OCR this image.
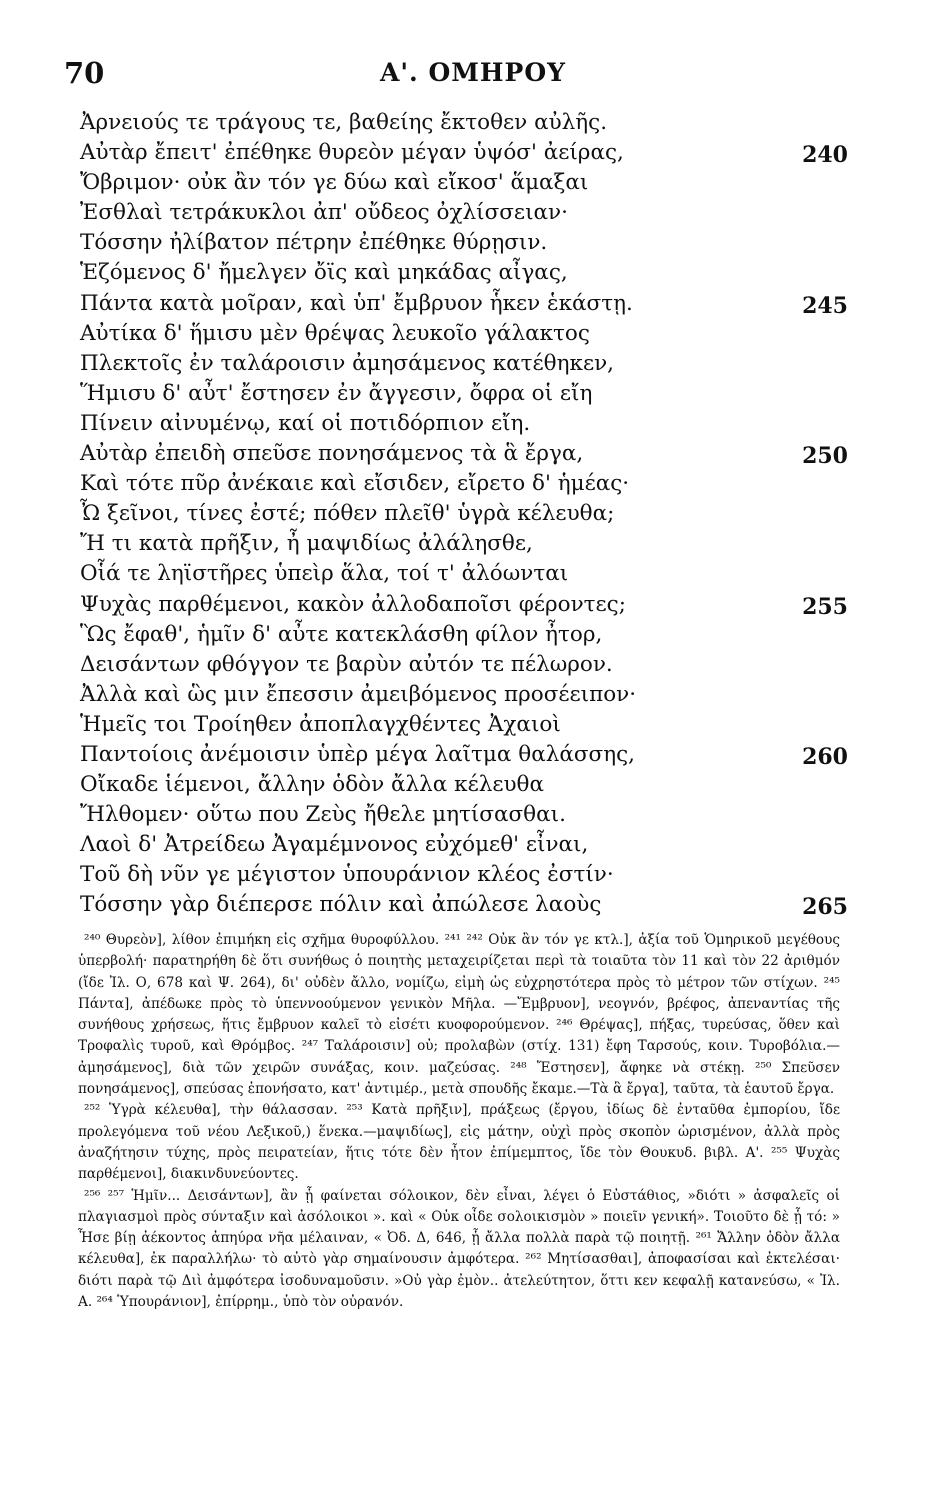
70	Α'. ΟΜΗΡΟΥ
Ἀρνειούς τε τράγους τε, βαθείης ἔκτοθεν αὐλῆς.
Αὐτὰρ ἔπειτ' ἐπέθηκε θυρεὸν μέγαν ὑψόσ' ἀείρας,	240
Ὄβριμον· οὐκ ἂν τόν γε δύω καὶ εἴκοσ' ἅμαξαι
Ἐσθλαὶ τετράκυκλοι ἀπ' οὔδεος ὀχλίσσειαν·
Τόσσην ἠλίβατον πέτρην ἐπέθηκε θύρῃσιν.
Ἑζόμενος δ' ἤμελγεν ὄϊς καὶ μηκάδας αἶγας,
Πάντα κατὰ μοῖραν, καὶ ὑπ' ἔμβρυον ἧκεν ἑκάστῃ.	245
Αὐτίκα δ' ἥμισυ μὲν θρέψας λευκοῖο γάλακτος
Πλεκτοῖς ἐν ταλάροισιν ἀμησάμενος κατέθηκεν,
Ἥμισυ δ' αὖτ' ἔστησεν ἐν ἄγγεσιν, ὄφρα οἱ εἴη
Πίνειν αἰνυμένῳ, καί οἱ ποτιδόρπιον εἴη.
Αὐτὰρ ἐπειδὴ σπεῦσε πονησάμενος τὰ ἃ ἔργα,	250
Καὶ τότε πῦρ ἀνέκαιε καὶ εἴσιδεν, εἴρετο δ' ἡμέας·
Ὦ ξεῖνοι, τίνες ἐστέ; πόθεν πλεῖθ' ὑγρὰ κέλευθα;
Ἤ τι κατὰ πρῆξιν, ἦ μαψιδίως ἀλάλησθε,
Οἷά τε ληϊστῆρες ὑπεὶρ ἅλα, τοί τ' ἀλόωνται
Ψυχὰς παρθέμενοι, κακὸν ἀλλοδαποῖσι φέροντες;	255
Ὣς ἔφαθ', ἡμῖν δ' αὖτε κατεκλάσθη φίλον ἦτορ,
Δεισάντων φθόγγον τε βαρὺν αὐτόν τε πέλωρον.
Ἀλλὰ καὶ ὣς μιν ἔπεσσιν ἀμειβόμενος προσέειπον·
Ἡμεῖς τοι Τροίηθεν ἀποπλαγχθέντες Ἀχαιοὶ
Παντοίοις ἀνέμοισιν ὑπὲρ μέγα λαῖτμα θαλάσσης,	260
Οἴκαδε ἱέμενοι, ἄλλην ὁδὸν ἄλλα κέλευθα
Ἤλθομεν· οὕτω που Ζεὺς ἤθελε μητίσασθαι.
Λαοὶ δ' Ἀτρείδεω Ἀγαμέμνονος εὐχόμεθ' εἶναι,
Τοῦ δὴ νῦν γε μέγιστον ὑπουράνιον κλέος ἐστίν·
Τόσσην γὰρ διέπερσε πόλιν καὶ ἀπώλεσε λαοὺς	265

²⁴⁰ Θυρεὸν], λίθον ἐπιμήκη εἰς σχῆμα θυροφύλλου. ²⁴¹ ²⁴² Οὐκ ἂν τόν γε κτλ.], ἀξία τοῦ Ὁμηρικοῦ μεγέθους ὑπερβολή· παρατηρήθη δὲ ὅτι συνήθως ὁ ποιητὴς μεταχειρίζεται περὶ τὰ τοιαῦτα τὸν 11 καὶ τὸν 22 ἀριθμόν (ἴδε Ἰλ. Ο, 678 καὶ Ψ. 264), δι' οὐδὲν ἄλλο, νομίζω, εἰμὴ ὡς εὐχρηστότερα πρὸς τὸ μέτρον τῶν στίχων. ²⁴⁵ Πάντα], ἀπέδωκε πρὸς τὸ ὑπεννοούμενον γενικὸν Μῆλα. —Ἔμβρυον], νεογνόν, βρέφος, ἀπεναντίας τῆς συνήθους χρήσεως, ἥτις ἔμβρυον καλεῖ τὸ εἰσέτι κυοφορούμενον. ²⁴⁶ Θρέψας], πήξας, τυρεύσας, ὅθεν καὶ Τροφαλὶς τυροῦ, καὶ Θρόμβος. ²⁴⁷ Ταλάροισιν] οὐ; προλαβὼν (στίχ. 131) ἔφη Ταρσούς, κοιν. Τυροβόλια.—ἀμησάμενος], διὰ τῶν χειρῶν συνάξας, κοιν. μαζεύσας. ²⁴⁸ Ἔστησεν], ἄφηκε νὰ στέκῃ. ²⁵⁰ Σπεῦσεν πονησάμενος], σπεύσας ἐπονήσατο, κατ' ἀντιμέρ., μετὰ σπουδῆς ἔκαμε.—Τὰ ἃ ἔργα], ταῦτα, τὰ ἑαυτοῦ ἔργα.

²⁵² Ὑγρὰ κέλευθα], τὴν θάλασσαν. ²⁵³ Κατὰ πρῆξιν], πράξεως (ἔργου, ἰδίως δὲ ἐνταῦθα ἐμπορίου, ἴδε προλεγόμενα τοῦ νέου Λεξικοῦ,) ἕνεκα.—μαψιδίως], εἰς μάτην, οὐχὶ πρὸς σκοπὸν ὡρισμένον, ἀλλὰ πρὸς ἀναζήτησιν τύχης, πρὸς πειρατείαν, ἥτις τότε δὲν ἦτον ἐπίμεμπτος, ἴδε τὸν Θουκυδ. βιβλ. Α'. ²⁵⁵ Ψυχὰς παρθέμενοι], διακινδυνεύοντες.

²⁵⁶ ²⁵⁷ Ἡμῖν... Δεισάντων], ἂν ᾗ φαίνεται σόλοικον, δὲν εἶναι, λέγει ὁ Εὐστάθιος, »διότι » ἀσφαλεῖς οἱ πλαγιασμοὶ πρὸς σύνταξιν καὶ ἀσόλοικοι ». καὶ « Οὐκ οἶδε σολοικισμὸν » ποιεῖν γενική». Τοιοῦτο δὲ ᾗ τό: » Ἦσε βίῃ ἀέκοντος ἀπηύρα νῆα μέλαιναν, « Ὀδ. Δ, 646, ᾗ ἄλλα πολλὰ παρὰ τῷ ποιητῇ. ²⁶¹ Ἄλλην ὁδὸν ἄλλα κέλευθα], ἐκ παραλλήλω· τὸ αὐτὸ γὰρ σημαίνουσιν ἀμφότερα. ²⁶² Μητίσασθαι], ἀποφασίσαι καὶ ἐκτελέσαι· διότι παρὰ τῷ Διὶ ἀμφότερα ἰσοδυναμοῦσιν. »Οὐ γὰρ ἐμὸν.. ἀτελεύτητον, ὅττι κεν κεφαλῇ κατανεύσω, « Ἰλ. Α. ²⁶⁴ Ὑπουράνιον], ἐπίρρημ., ὑπὸ τὸν οὐρανόν.
